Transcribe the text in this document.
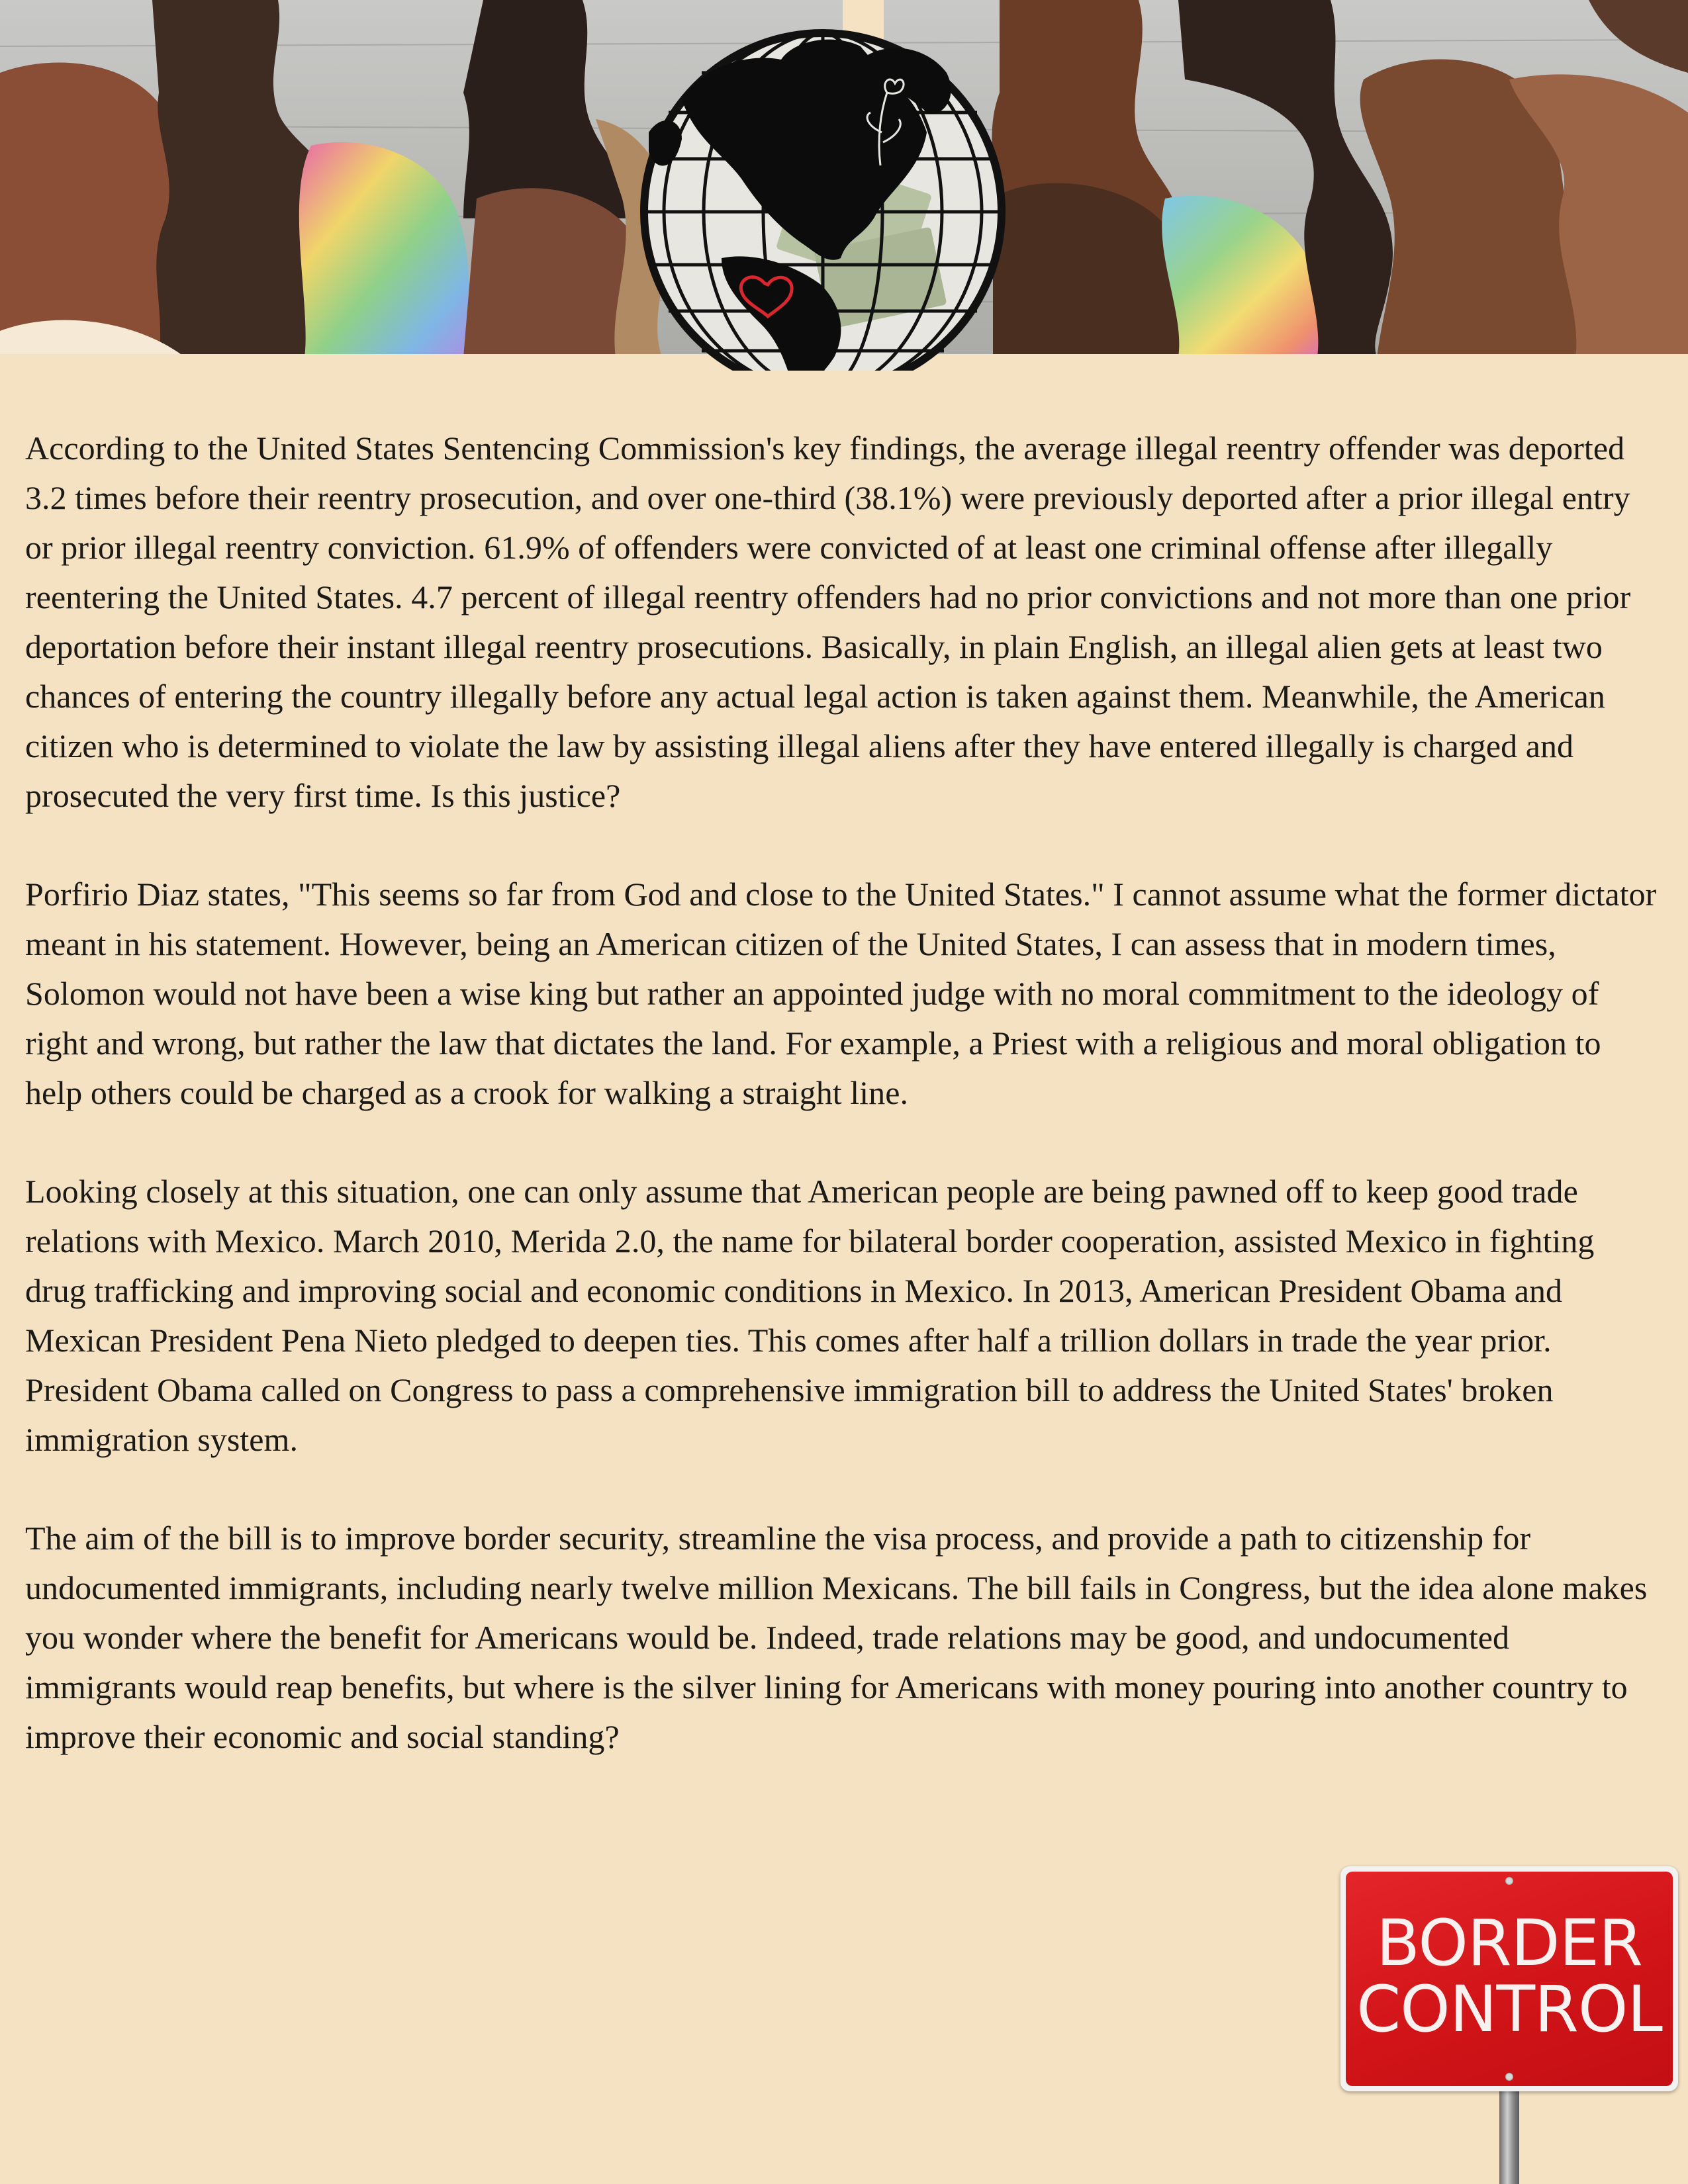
According to the United States Sentencing Commission's key findings, the average illegal reentry offender was deported 3.2 times before their reentry prosecution, and over one-third (38.1%) were previously deported after a prior illegal entry or prior illegal reentry conviction. 61.9% of offenders were convicted of at least one criminal offense after illegally reentering the United States. 4.7 percent of illegal reentry offenders had no prior convictions and not more than one prior deportation before their instant illegal reentry prosecutions. Basically, in plain English, an illegal alien gets at least two chances of entering the country illegally before any actual legal action is taken against them. Meanwhile, the American citizen who is determined to violate the law by assisting illegal aliens after they have entered illegally is charged and prosecuted the very first time. Is this justice?

Porfirio Diaz states, "This seems so far from God and close to the United States." I cannot assume what the former dictator meant in his statement. However, being an American citizen of the United States, I can assess that in modern times, Solomon would not have been a wise king but rather an appointed judge with no moral commitment to the ideology of right and wrong, but rather the law that dictates the land. For example, a Priest with a religious and moral obligation to help others could be charged as a crook for walking a straight line.

Looking closely at this situation, one can only assume that American people are being pawned off to keep good trade relations with Mexico. March 2010, Merida 2.0, the name for bilateral border cooperation, assisted Mexico in fighting drug trafficking and improving social and economic conditions in Mexico. In 2013, American President Obama and Mexican President Pena Nieto pledged to deepen ties. This comes after half a trillion dollars in trade the year prior. President Obama called on Congress to pass a comprehensive immigration bill to address the United States' broken immigration system.

The aim of the bill is to improve border security, streamline the visa process, and provide a path to citizenship for undocumented immigrants, including nearly twelve million Mexicans. The bill fails in Congress, but the idea alone makes you wonder where the benefit for Americans would be. Indeed, trade relations may be good, and undocumented immigrants would reap benefits, but where is the silver lining for Americans with money pouring into another country to improve their economic and social standing?

BORDER
CONTROL
